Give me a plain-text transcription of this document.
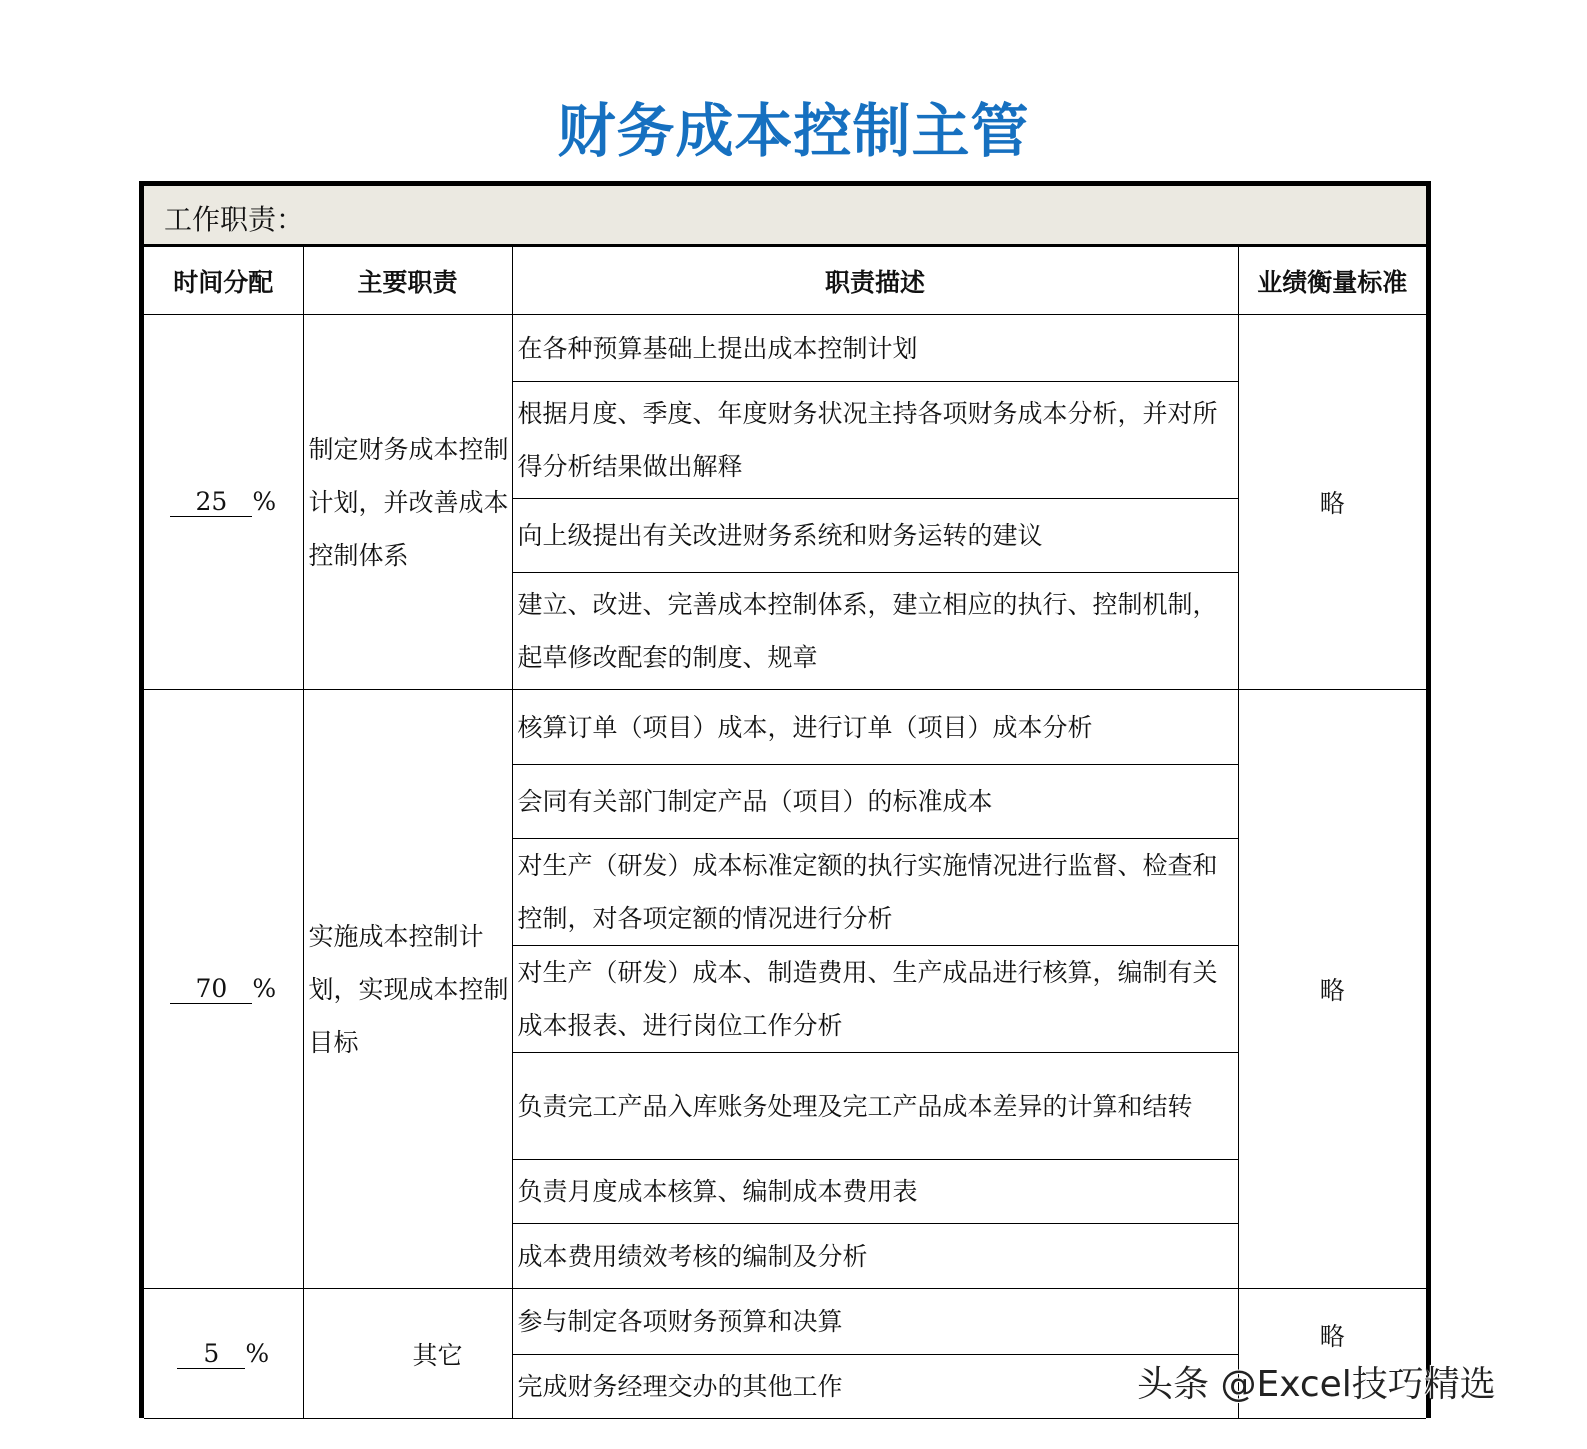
财务成本控制主管
工作职责：
时间分配	主要职责	职责描述	业绩衡量标准
25 %	制定财务成本控制计划，并改善成本控制体系	在各种预算基础上提出成本控制计划	略
		根据月度、季度、年度财务状况主持各项财务成本分析，并对所得分析结果做出解释	
		向上级提出有关改进财务系统和财务运转的建议	
		建立、改进、完善成本控制体系，建立相应的执行、控制机制，起草修改配套的制度、规章	
70 %	实施成本控制计划，实现成本控制目标	核算订单（项目）成本，进行订单（项目）成本分析	略
		会同有关部门制定产品（项目）的标准成本	
		对生产（研发）成本标准定额的执行实施情况进行监督、检查和控制，对各项定额的情况进行分析	
		对生产（研发）成本、制造费用、生产成品进行核算，编制有关成本报表、进行岗位工作分析	
		负责完工产品入库账务处理及完工产品成本差异的计算和结转	
		负责月度成本核算、编制成本费用表	
		成本费用绩效考核的编制及分析	
5 %	其它	参与制定各项财务预算和决算	略
		完成财务经理交办的其他工作		头条 @Excel技巧精选
